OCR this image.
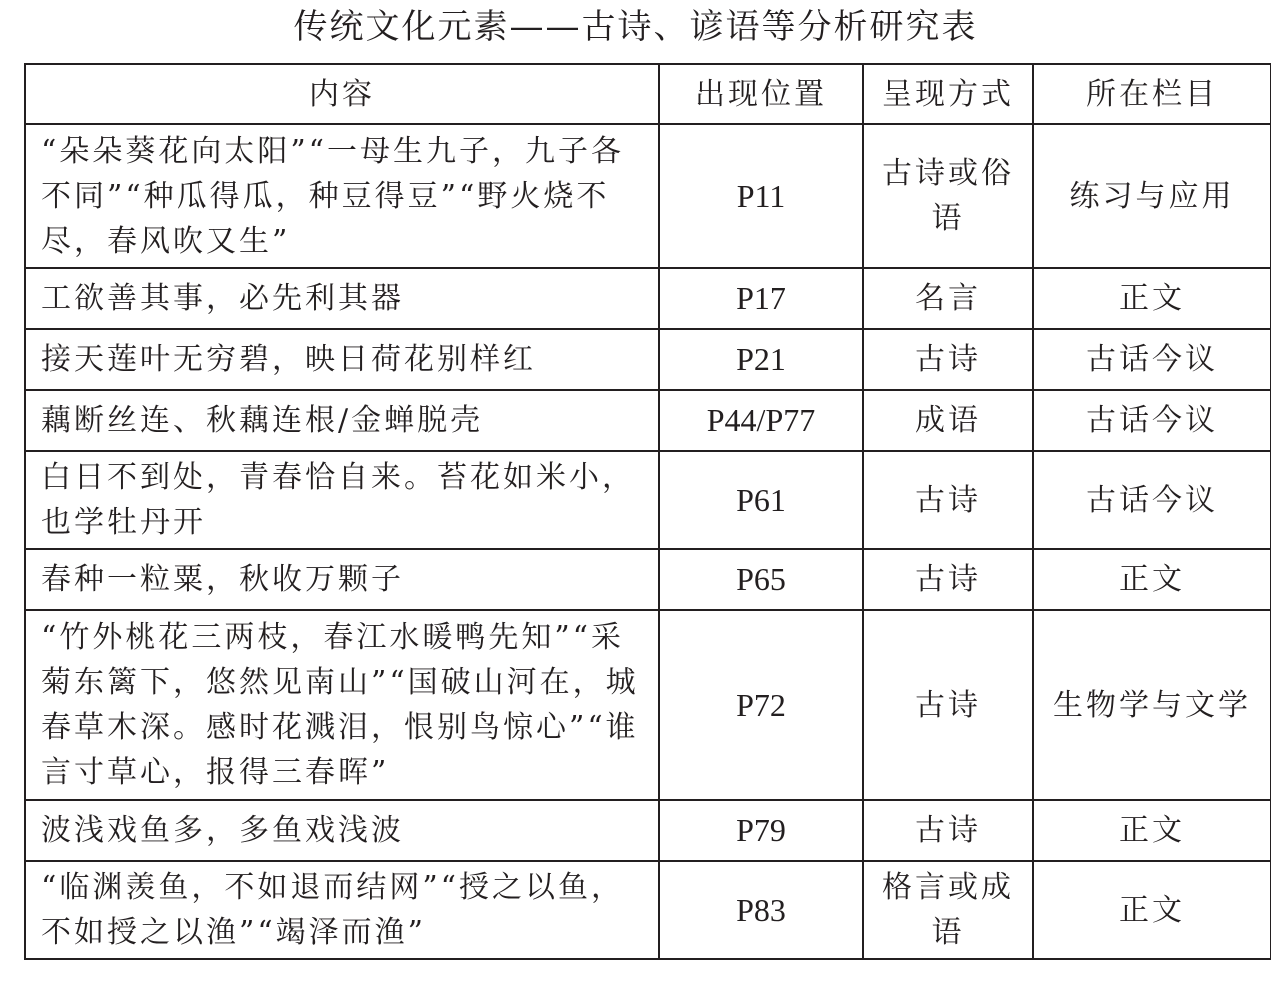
传统文化元素——古诗、谚语等分析研究表
内容	出现位置	呈现方式	所在栏目
“朵朵葵花向太阳”“一母生九子，九子各不同”“种瓜得瓜，种豆得豆”“野火烧不尽，春风吹又生”	P11	古诗或俗语	练习与应用
工欲善其事，必先利其器	P17	名言	正文
接天莲叶无穷碧，映日荷花别样红	P21	古诗	古话今议
藕断丝连、秋藕连根/金蝉脱壳	P44/P77	成语	古话今议
白日不到处，青春恰自来。苔花如米小，也学牡丹开	P61	古诗	古话今议
春种一粒粟，秋收万颗子	P65	古诗	正文
“竹外桃花三两枝，春江水暖鸭先知”“采菊东篱下，悠然见南山”“国破山河在，城春草木深。感时花溅泪，恨别鸟惊心”“谁言寸草心，报得三春晖”	P72	古诗	生物学与文学
波浅戏鱼多，多鱼戏浅波	P79	古诗	正文
“临渊羡鱼，不如退而结网”“授之以鱼，不如授之以渔”“竭泽而渔”	P83	格言或成语	正文
